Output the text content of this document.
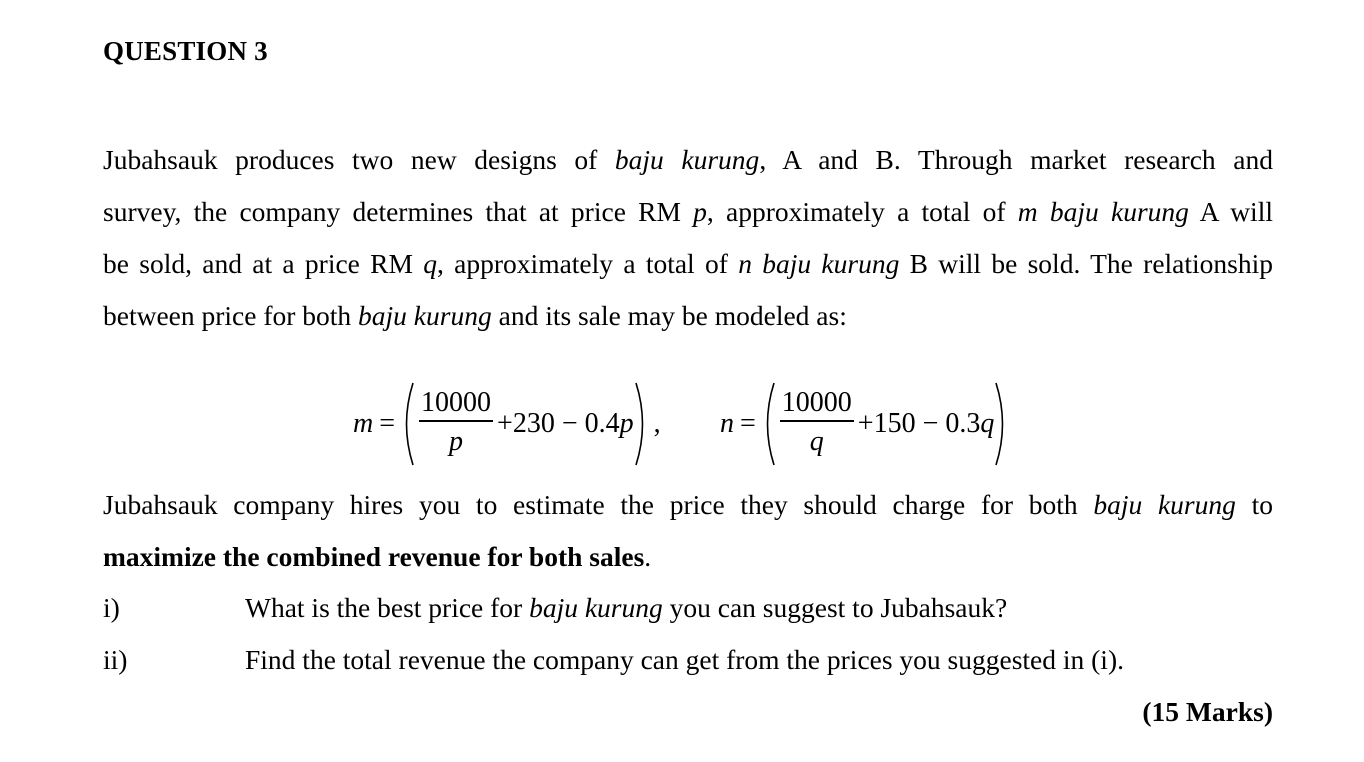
QUESTION 3
Jubahsauk produces two new designs of baju kurung, A and B. Through market research and
survey, the company determines that at price RM p, approximately a total of m baju kurung A will
be sold, and at a price RM q, approximately a total of n baju kurung B will be sold. The relationship
between price for both baju kurung and its sale may be modeled as:
$m = \frac{10000}{p} +230 - 0.4p$ , $n = \frac{10000}{q} +150 - 0.3q$
Jubahsauk company hires you to estimate the price they should charge for both baju kurung to
maximize the combined revenue for both sales.
i)	What is the best price for baju kurung you can suggest to Jubahsauk?
ii)	Find the total revenue the company can get from the prices you suggested in (i).
(15 Marks)
